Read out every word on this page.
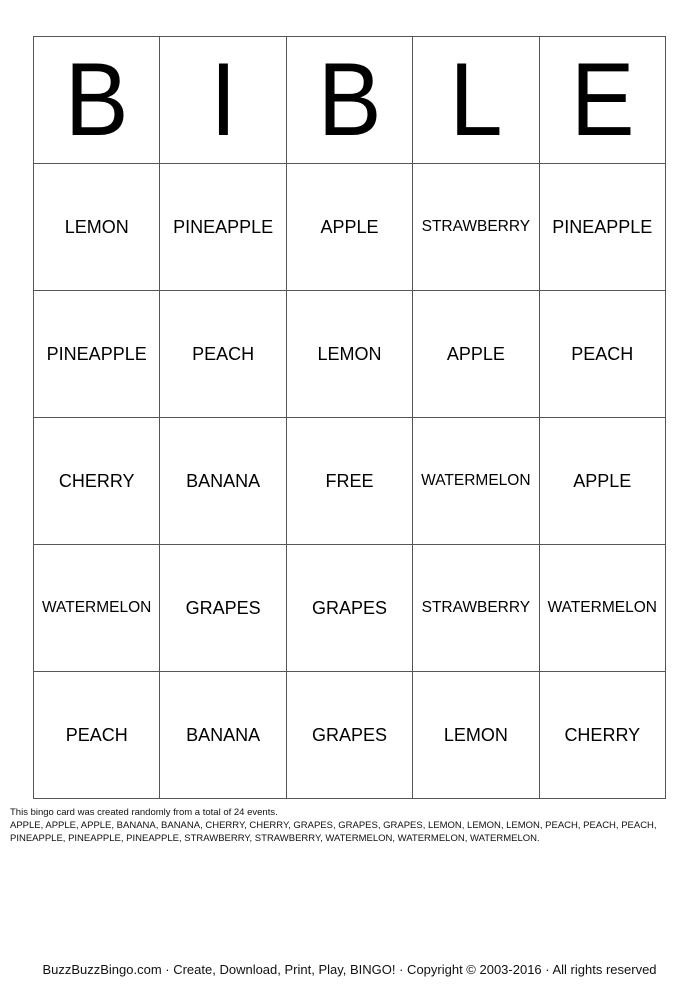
B	I	B	L	E
LEMON	PINEAPPLE	APPLE	STRAWBERRY	PINEAPPLE
PINEAPPLE	PEACH	LEMON	APPLE	PEACH
CHERRY	BANANA	FREE	WATERMELON	APPLE
WATERMELON	GRAPES	GRAPES	STRAWBERRY	WATERMELON
PEACH	BANANA	GRAPES	LEMON	CHERRY
This bingo card was created randomly from a total of 24 events.
APPLE, APPLE, APPLE, BANANA, BANANA, CHERRY, CHERRY, GRAPES, GRAPES, GRAPES, LEMON, LEMON, LEMON, PEACH, PEACH, PEACH,
PINEAPPLE, PINEAPPLE, PINEAPPLE, STRAWBERRY, STRAWBERRY, WATERMELON, WATERMELON, WATERMELON.
BuzzBuzzBingo.com · Create, Download, Print, Play, BINGO! · Copyright © 2003-2016 · All rights reserved
